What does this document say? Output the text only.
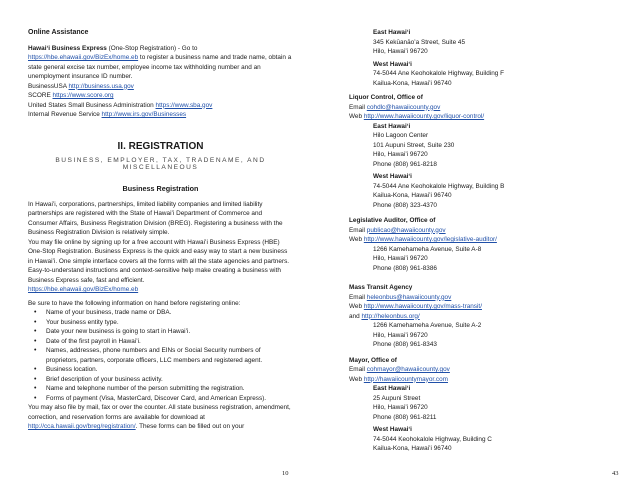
Online Assistance
Hawaiʻi Business Express (One-Stop Registration) - Go to https://hbe.ehawaii.gov/BizEx/home.eb to register a business name and trade name, obtain a state general excise tax number, employee income tax withholding number and an unemployment insurance ID number.
BusinessUSA http://business.usa.gov
SCORE https://www.score.org
United States Small Business Administration https://www.sba.gov
Internal Revenue Service http://www.irs.gov/Businesses
II. REGISTRATION
BUSINESS, EMPLOYER, TAX, TRADENAME, AND MISCELLANEOUS
Business Registration
In Hawaiʻi, corporations, partnerships, limited liability companies and limited liability partnerships are registered with the State of Hawaiʻi Department of Commerce and Consumer Affairs, Business Registration Division (BREG). Registering a business with the Business Registration Division is relatively simple.
You may file online by signing up for a free account with Hawaiʻi Business Express (HBE) One-Stop Registration. Business Express is the quick and easy way to start a new business in Hawaiʻi. One simple interface covers all the forms with all the state agencies and partners. Easy-to-understand instructions and context-sensitive help make creating a business with Business Express safe, fast and efficient.
https://hbe.ehawaii.gov/BizEx/home.eb
Be sure to have the following information on hand before registering online:
• Name of your business, trade name or DBA.
• Your business entity type.
• Date your new business is going to start in Hawaiʻi.
• Date of the first payroll in Hawaiʻi.
• Names, addresses, phone numbers and EINs or Social Security numbers of proprietors, partners, corporate officers, LLC members and registered agent.
• Business location.
• Brief description of your business activity.
• Name and telephone number of the person submitting the registration.
• Forms of payment (Visa, MasterCard, Discover Card, and American Express).
You may also file by mail, fax or over the counter. All state business registration, amendment, correction, and reservation forms are available for download at http://cca.hawaii.gov/breg/registration/. These forms can be filled out on your
10
East Hawaiʻi
345 Kekūanāoʻa Street, Suite 45
Hilo, Hawaiʻi 96720
West Hawaiʻi
74-5044 Ane Keohokalole Highway, Building F
Kailua-Kona, Hawaiʻi 96740
Liquor Control, Office of
Email cohdlc@hawaiicounty.gov
Web http://www.hawaiicounty.gov/liquor-control/
East Hawaiʻi
Hilo Lagoon Center
101 Aupuni Street, Suite 230
Hilo, Hawaiʻi 96720
Phone (808) 961-8218
West Hawaiʻi
74-5044 Ane Keohokalole Highway, Building B
Kailua-Kona, Hawaiʻi 96740
Phone (808) 323-4370
Legislative Auditor, Office of
Email publicao@hawaiicounty.gov
Web http://www.hawaiicounty.gov/legislative-auditor/
1266 Kamehameha Avenue, Suite A-8
Hilo, Hawaiʻi 96720
Phone (808) 961-8386
Mass Transit Agency
Email heleonbus@hawaiicounty.gov
Web http://www.hawaiicounty.gov/mass-transit/
and http://heleonbus.org/
1266 Kamehameha Avenue, Suite A-2
Hilo, Hawaiʻi 96720
Phone (808) 961-8343
Mayor, Office of
Email cohmayor@hawaiicounty.gov
Web http://hawaiicountymayor.com
East Hawaiʻi
25 Aupuni Street
Hilo, Hawaiʻi 96720
Phone (808) 961-8211
West Hawaiʻi
74-5044 Keohokalole Highway, Building C
Kailua-Kona, Hawaiʻi 96740
43
